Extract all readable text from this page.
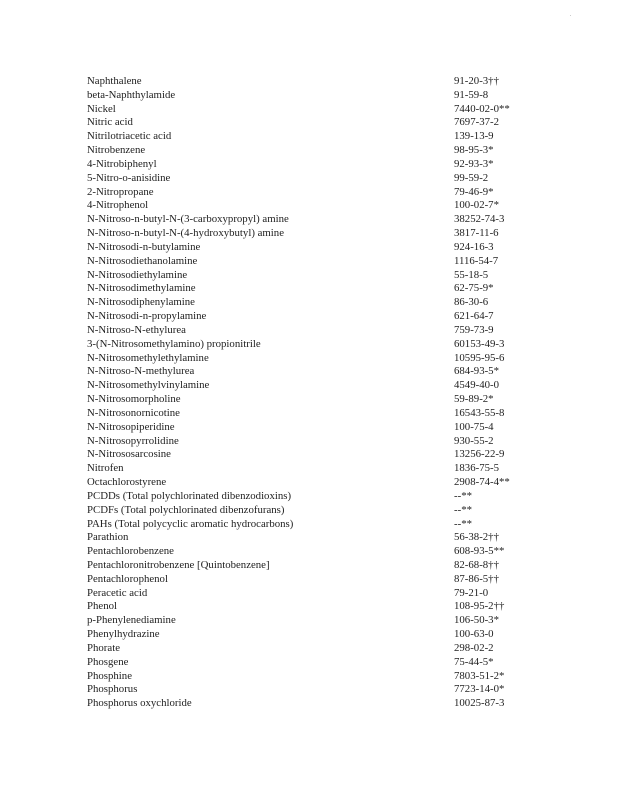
Naphthalene	91-20-3††
beta-Naphthylamide	91-59-8
Nickel	7440-02-0**
Nitric acid	7697-37-2
Nitrilotriacetic acid	139-13-9
Nitrobenzene	98-95-3*
4-Nitrobiphenyl	92-93-3*
5-Nitro-o-anisidine	99-59-2
2-Nitropropane	79-46-9*
4-Nitrophenol	100-02-7*
N-Nitroso-n-butyl-N-(3-carboxypropyl) amine	38252-74-3
N-Nitroso-n-butyl-N-(4-hydroxybutyl) amine	3817-11-6
N-Nitrosodi-n-butylamine	924-16-3
N-Nitrosodiethanolamine	1116-54-7
N-Nitrosodiethylamine	55-18-5
N-Nitrosodimethylamine	62-75-9*
N-Nitrosodiphenylamine	86-30-6
N-Nitrosodi-n-propylamine	621-64-7
N-Nitroso-N-ethylurea	759-73-9
3-(N-Nitrosomethylamino) propionitrile	60153-49-3
N-Nitrosomethylethylamine	10595-95-6
N-Nitroso-N-methylurea	684-93-5*
N-Nitrosomethylvinylamine	4549-40-0
N-Nitrosomorpholine	59-89-2*
N-Nitrosonornicotine	16543-55-8
N-Nitrosopiperidine	100-75-4
N-Nitrosopyrrolidine	930-55-2
N-Nitrososarcosine	13256-22-9
Nitrofen	1836-75-5
Octachlorostyrene	2908-74-4**
PCDDs (Total polychlorinated dibenzodioxins)	--**
PCDFs (Total polychlorinated dibenzofurans)	--**
PAHs (Total polycyclic aromatic hydrocarbons)	--**
Parathion	56-38-2††
Pentachlorobenzene	608-93-5**
Pentachloronitrobenzene [Quintobenzene]	82-68-8††
Pentachlorophenol	87-86-5††
Peracetic acid	79-21-0
Phenol	108-95-2††
p-Phenylenediamine	106-50-3*
Phenylhydrazine	100-63-0
Phorate	298-02-2
Phosgene	75-44-5*
Phosphine	7803-51-2*
Phosphorus	7723-14-0*
Phosphorus oxychloride	10025-87-3
